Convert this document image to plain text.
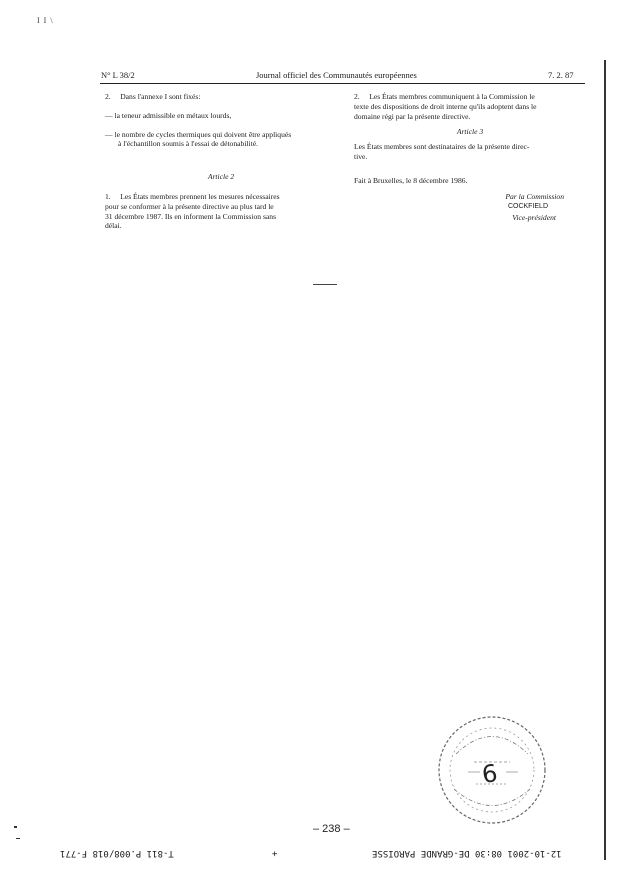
I I \
N° L 38/2	Journal officiel des Communautés européennes	7. 2. 87
2. Dans l'annexe I sont fixés:
— la teneur admissible en métaux lourds,
— le nombre de cycles thermiques qui doivent être appliqués
à l'échantillon soumis à l'essai de détonabilité.
Article 2
1.     Les États membres prennent les mesures nécessaires
pour se conformer à la présente directive au plus tard le
31 décembre 1987. Ils en informent la Commission sans
délai.
2.     Les États membres communiquent à la Commission le
texte des dispositions de droit interne qu'ils adoptent dans le
domaine régi par la présente directive.
Article 3
Les États membres sont destinataires de la présente direc-
tive.
Fait à Bruxelles, le 8 décembre 1986.
Par la Commission
COCKFIELD
Vice-président
6
– 238 –
T-811 P.008/018 F-771	+	12-10-2001 08:30 DE-GRANDE PAROISSE
